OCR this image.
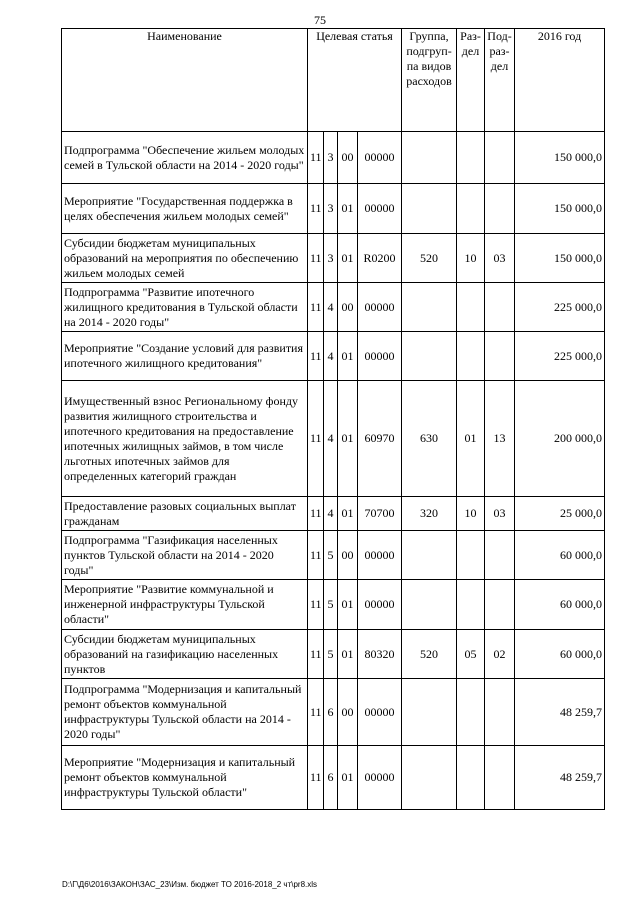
75
Наименование	Целевая статья				Группа, подгруп-па видов расходов	Раз-дел	Под-раз-дел	2016 год
Подпрограмма "Обеспечение жильем молодых семей в Тульской области на 2014 - 2020 годы"	11	3	00	00000				150 000,0
Мероприятие "Государственная поддержка в целях обеспечения жильем молодых семей"	11	3	01	00000				150 000,0
Субсидии бюджетам муниципальных образований на мероприятия по обеспечению жильем молодых семей	11	3	01	R0200	520	10	03	150 000,0
Подпрограмма "Развитие ипотечного жилищного кредитования в Тульской области на 2014 - 2020 годы"	11	4	00	00000				225 000,0
Мероприятие "Создание условий для развития ипотечного жилищного кредитования"	11	4	01	00000				225 000,0
Имущественный взнос Региональному фонду развития жилищного строительства и ипотечного кредитования на предоставление ипотечных жилищных займов, в том числе льготных ипотечных займов для определенных категорий граждан	11	4	01	60970	630	01	13	200 000,0
Предоставление разовых социальных выплат гражданам	11	4	01	70700	320	10	03	25 000,0
Подпрограмма "Газификация населенных пунктов Тульской области на 2014 - 2020 годы"	11	5	00	00000				60 000,0
Мероприятие "Развитие коммунальной и инженерной инфраструктуры Тульской области"	11	5	01	00000				60 000,0
Субсидии бюджетам муниципальных образований на газификацию населенных пунктов	11	5	01	80320	520	05	02	60 000,0
Подпрограмма "Модернизация и капитальный ремонт объектов коммунальной инфраструктуры Тульской области на 2014 - 2020 годы"	11	6	00	00000				48 259,7
Мероприятие "Модернизация и капитальный ремонт объектов коммунальной инфраструктуры Тульской области"	11	6	01	00000				48 259,7
D:\Г\Д6\2016\ЗАКОН\ЗАС_23\Изм. бюджет ТО 2016-2018_2 чт\pr8.xls
